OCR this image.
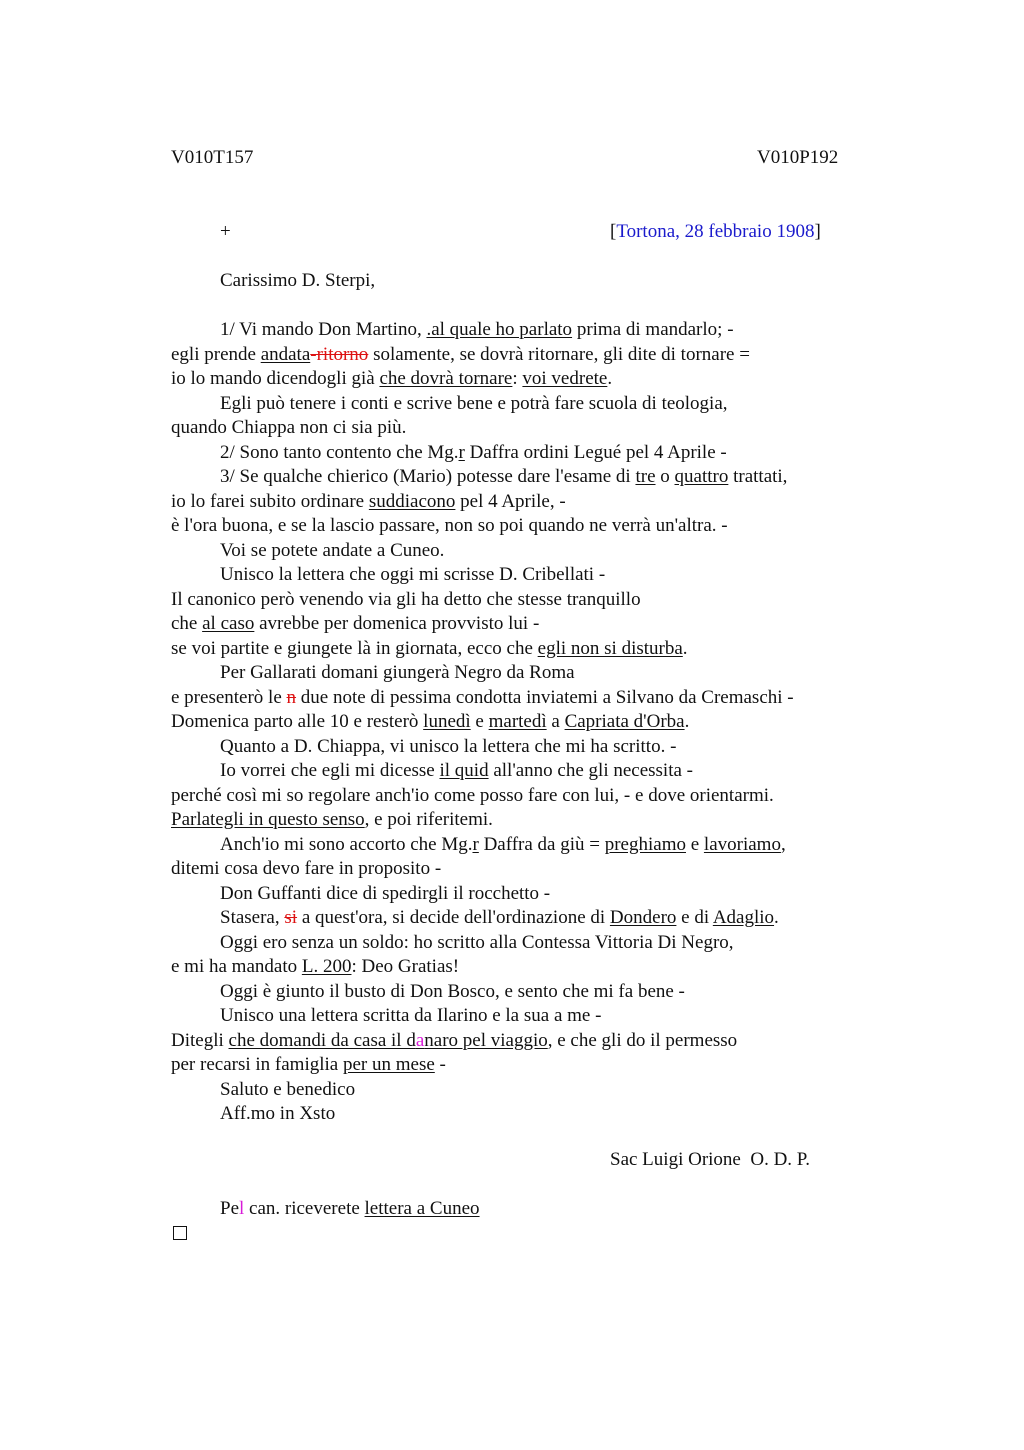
V010T157	V010P192
+	[Tortona, 28 febbraio 1908]
Carissimo D. Sterpi,
1/ Vi mando Don Martino, .al quale ho parlato prima di mandarlo; -
egli prende andata-ritorno solamente, se dovrà ritornare, gli dite di tornare =
io lo mando dicendogli già che dovrà tornare: voi vedrete.
Egli può tenere i conti e scrive bene e potrà fare scuola di teologia,
quando Chiappa non ci sia più.
2/ Sono tanto contento che Mg.r Daffra ordini Legué pel 4 Aprile -
3/ Se qualche chierico (Mario) potesse dare l'esame di tre o quattro trattati,
io lo farei subito ordinare suddiacono pel 4 Aprile, -
è l'ora buona, e se la lascio passare, non so poi quando ne verrà un'altra. -
Voi se potete andate a Cuneo.
Unisco la lettera che oggi mi scrisse D. Cribellati -
Il canonico però venendo via gli ha detto che stesse tranquillo
che al caso avrebbe per domenica provvisto lui -
se voi partite e giungete là in giornata, ecco che egli non si disturba.
Per Gallarati domani giungerà Negro da Roma
e presenterò le n due note di pessima condotta inviatemi a Silvano da Cremaschi -
Domenica parto alle 10 e resterò lunedì e martedì a Capriata d'Orba.
Quanto a D. Chiappa, vi unisco la lettera che mi ha scritto. -
Io vorrei che egli mi dicesse il quid all'anno che gli necessita -
perché così mi so regolare anch'io come posso fare con lui, - e dove orientarmi.
Parlategli in questo senso, e poi riferitemi.
Anch'io mi sono accorto che Mg.r Daffra da giù = preghiamo e lavoriamo,
ditemi cosa devo fare in proposito -
Don Guffanti dice di spedirgli il rocchetto -
Stasera, si a quest'ora, si decide dell'ordinazione di Dondero e di Adaglio.
Oggi ero senza un soldo: ho scritto alla Contessa Vittoria Di Negro,
e mi ha mandato L. 200: Deo Gratias!
Oggi è giunto il busto di Don Bosco, e sento che mi fa bene -
Unisco una lettera scritta da Ilarino e la sua a me -
Ditegli che domandi da casa il danaro pel viaggio, e che gli do il permesso
per recarsi in famiglia per un mese -
Saluto e benedico
Aff.mo in Xsto
Sac Luigi Orione  O. D. P.
Pel can. riceverete lettera a Cuneo
